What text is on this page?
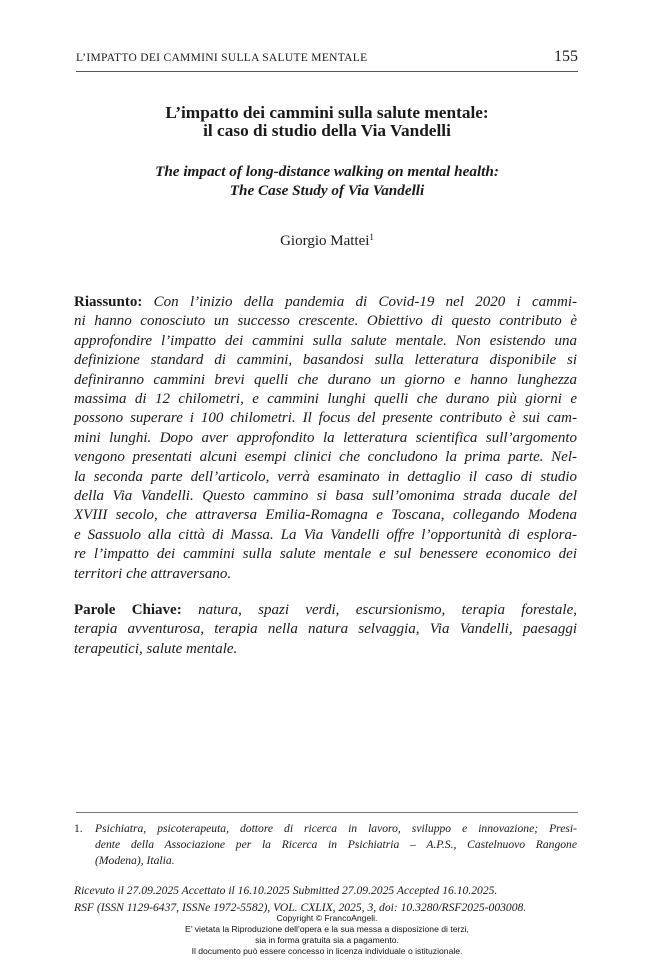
L’IMPATTO DEI CAMMINI SULLA SALUTE MENTALE	155
L’impatto dei cammini sulla salute mentale:
il caso di studio della Via Vandelli
The impact of long-distance walking on mental health:
The Case Study of Via Vandelli
Giorgio Mattei$^1$
Riassunto: Con l’inizio della pandemia di Covid-19 nel 2020 i cammi-
ni hanno conosciuto un successo crescente. Obiettivo di questo contributo è
approfondire l’impatto dei cammini sulla salute mentale. Non esistendo una
definizione standard di cammini, basandosi sulla letteratura disponibile si
definiranno cammini brevi quelli che durano un giorno e hanno lunghezza
massima di 12 chilometri, e cammini lunghi quelli che durano più giorni e
possono superare i 100 chilometri. Il focus del presente contributo è sui cam-
mini lunghi. Dopo aver approfondito la letteratura scientifica sull’argomento
vengono presentati alcuni esempi clinici che concludono la prima parte. Nel-
la seconda parte dell’articolo, verrà esaminato in dettaglio il caso di studio
della Via Vandelli. Questo cammino si basa sull’omonima strada ducale del
XVIII secolo, che attraversa Emilia-Romagna e Toscana, collegando Modena
e Sassuolo alla città di Massa. La Via Vandelli offre l’opportunità di esplora-
re l’impatto dei cammini sulla salute mentale e sul benessere economico dei
territori che attraversano.
Parole Chiave: natura, spazi verdi, escursionismo, terapia forestale,
terapia avventurosa, terapia nella natura selvaggia, Via Vandelli, paesaggi
terapeutici, salute mentale.
1. Psichiatra, psicoterapeuta, dottore di ricerca in lavoro, sviluppo e innovazione; Presi-
dente della Associazione per la Ricerca in Psichiatria – A.P.S., Castelnuovo Rangone
(Modena), Italia.
Ricevuto il 27.09.2025 Accettato il 16.10.2025 Submitted 27.09.2025 Accepted 16.10.2025.
RSF (ISSN 1129-6437, ISSNe 1972-5582), VOL. CXLIX, 2025, 3, doi: 10.3280/RSF2025-003008.
Copyright © FrancoAngeli.
E’ vietata la Riproduzione dell’opera e la sua messa a disposizione di terzi,
sia in forma gratuita sia a pagamento.
Il documento può essere concesso in licenza individuale o istituzionale.
